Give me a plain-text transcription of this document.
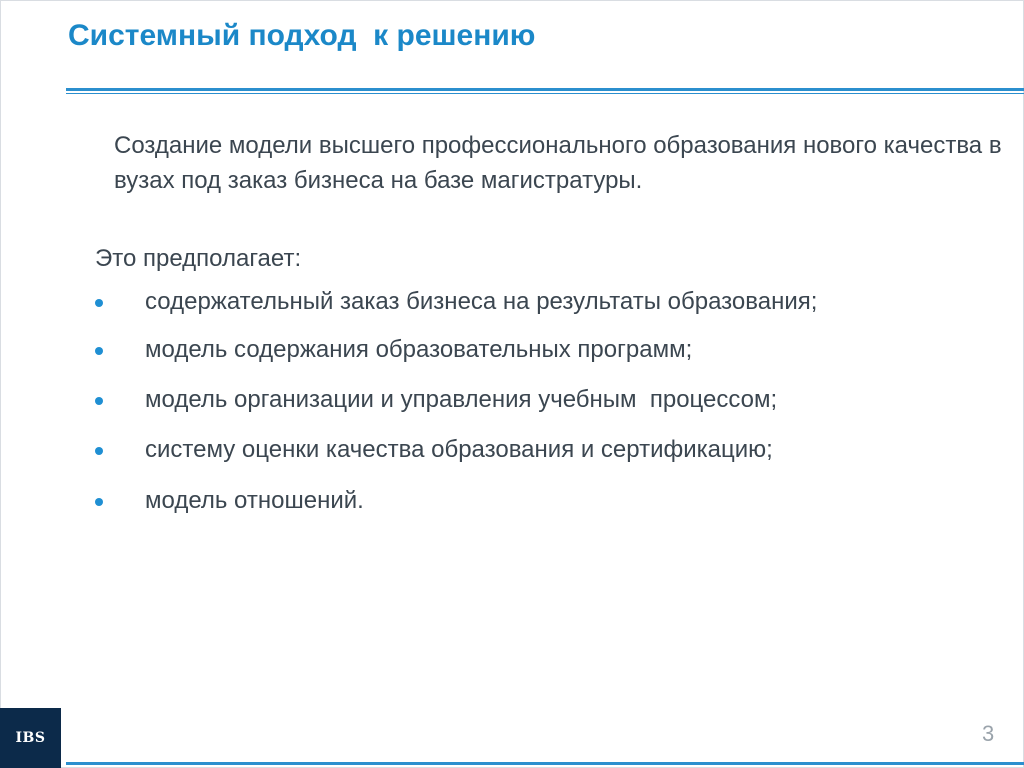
Системный подход  к решению
Создание модели высшего профессионального образования нового качества в вузах под заказ бизнеса на базе магистратуры.
Это предполагает:
содержательный заказ бизнеса на результаты образования;
модель содержания образовательных программ;
модель организации и управления учебным  процессом;
систему оценки качества образования и сертификацию;
модель отношений.
IBS	3
